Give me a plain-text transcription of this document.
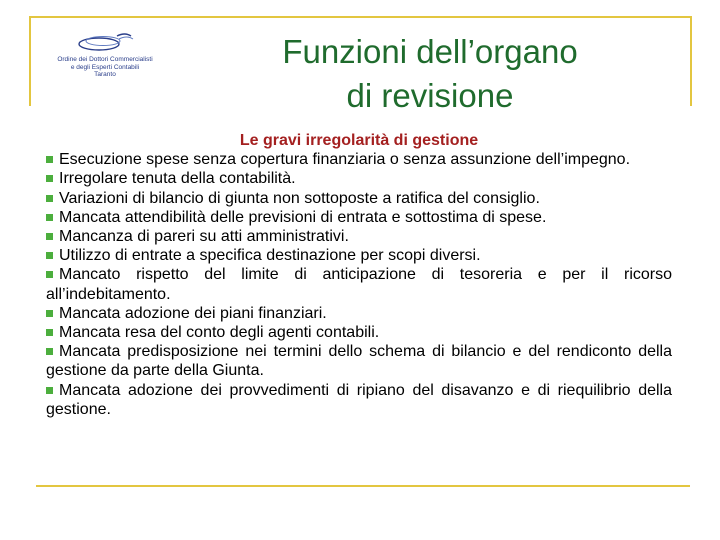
Ordine dei Dottori Commercialisti
e degli Esperti Contabili
Taranto
Funzioni dell’organo
di revisione

Le gravi irregolarità di gestione

Esecuzione spese senza copertura finanziaria o senza assunzione dell’impegno.

Irregolare tenuta della contabilità.

Variazioni di bilancio di giunta non sottoposte a ratifica del consiglio.

Mancata attendibilità delle previsioni di entrata e sottostima di spese.

Mancanza di pareri su atti amministrativi.

Utilizzo di entrate a specifica destinazione per scopi diversi.

Mancato rispetto del limite di anticipazione di tesoreria e per il ricorso all’indebitamento.

Mancata adozione dei piani finanziari.

Mancata resa del conto degli agenti contabili.

Mancata predisposizione nei termini dello schema di bilancio e del rendiconto della gestione da parte della Giunta.

Mancata adozione dei provvedimenti di ripiano del disavanzo e di riequilibrio della gestione.
